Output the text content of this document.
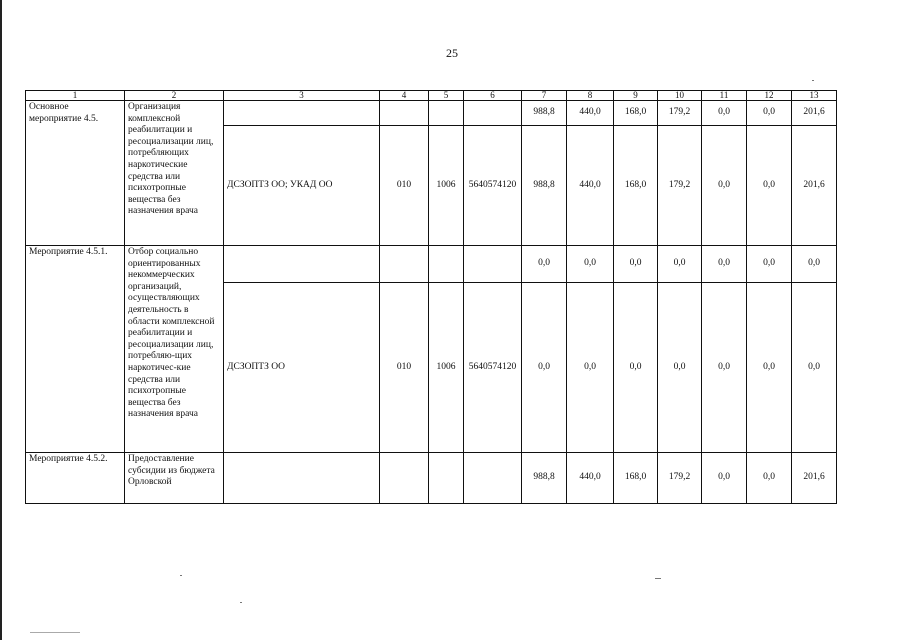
25
1	2	3	4	5	6	7	8	9	10	11	12	13
Основное мероприятие 4.5.	Организация комплексной реабилитации и ресоциализации лиц, потребляющих наркотические средства или психотропные вещества без назначения врача					988,8	440,0	168,0	179,2	0,0	0,0	201,6
		ДСЗОПТЗ ОО; УКАД ОО	010	1006	5640574120	988,8	440,0	168,0	179,2	0,0	0,0	201,6
Мероприятие 4.5.1.	Отбор социально ориентированных некоммерческих организаций, осуществляющих деятельность в области комплексной реабилитации и ресоциализации лиц, потребляю-щих наркотичес-кие средства или психотропные вещества без назначения врача					0,0	0,0	0,0	0,0	0,0	0,0	0,0
		ДСЗОПТЗ ОО	010	1006	5640574120	0,0	0,0	0,0	0,0	0,0	0,0	0,0
Мероприятие 4.5.2.	Предоставление субсидии из бюджета Орловской					988,8	440,0	168,0	179,2	0,0	0,0	201,6
